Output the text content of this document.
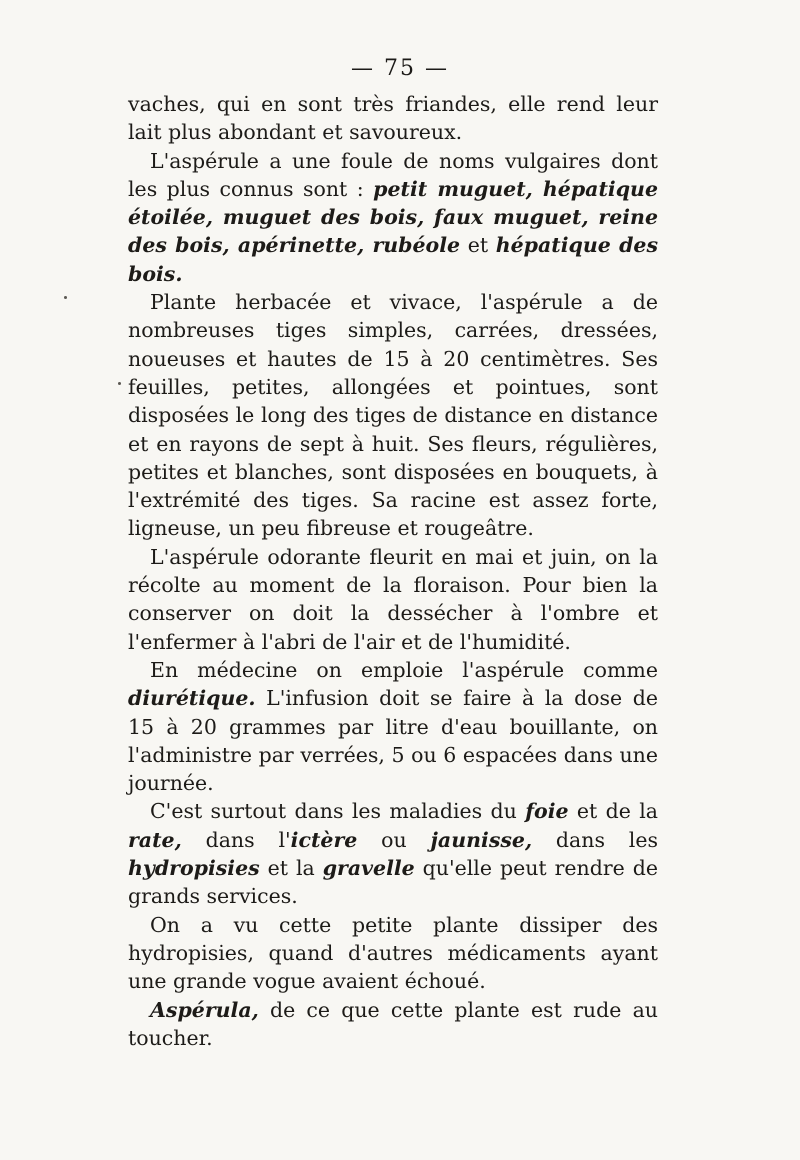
— 75 —

vaches, qui en sont très friandes, elle rend leur lait plus abondant et savoureux.

L'aspérule a une foule de noms vulgaires dont les plus connus sont : petit muguet, hépatique étoilée, muguet des bois, faux muguet, reine des bois, apérinette, rubéole et hépatique des bois.

Plante herbacée et vivace, l'aspérule a de nombreuses tiges simples, carrées, dressées, noueuses et hautes de 15 à 20 centimètres. Ses feuilles, petites, allongées et pointues, sont disposées le long des tiges de distance en distance et en rayons de sept à huit. Ses fleurs, régulières, petites et blanches, sont disposées en bouquets, à l'extrémité des tiges. Sa racine est assez forte, ligneuse, un peu fibreuse et rougeâtre.

L'aspérule odorante fleurit en mai et juin, on la récolte au moment de la floraison. Pour bien la conserver on doit la dessécher à l'ombre et l'enfermer à l'abri de l'air et de l'humidité.

En médecine on emploie l'aspérule comme diurétique. L'infusion doit se faire à la dose de 15 à 20 grammes par litre d'eau bouillante, on l'administre par verrées, 5 ou 6 espacées dans une journée.

C'est surtout dans les maladies du foie et de la rate, dans l'ictère ou jaunisse, dans les hydropisies et la gravelle qu'elle peut rendre de grands services.

On a vu cette petite plante dissiper des hydropisies, quand d'autres médicaments ayant une grande vogue avaient échoué.

Aspérula, de ce que cette plante est rude au toucher.
